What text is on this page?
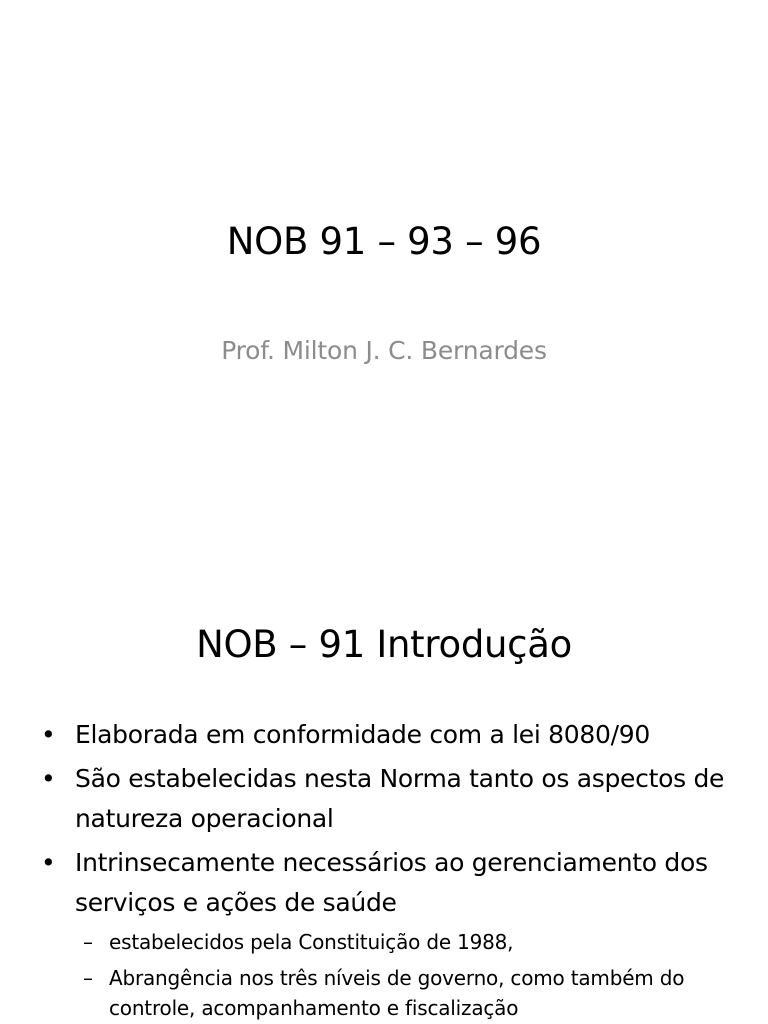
NOB 91 – 93 – 96
Prof. Milton J. C. Bernardes
NOB – 91 Introdução
• Elaborada em conformidade com a lei 8080/90
• São estabelecidas nesta Norma tanto os aspectos de natureza operacional
• Intrinsecamente necessários ao gerenciamento dos serviços e ações de saúde
– estabelecidos pela Constituição de 1988,
– Abrangência nos três níveis de governo, como também do controle, acompanhamento e fiscalização
